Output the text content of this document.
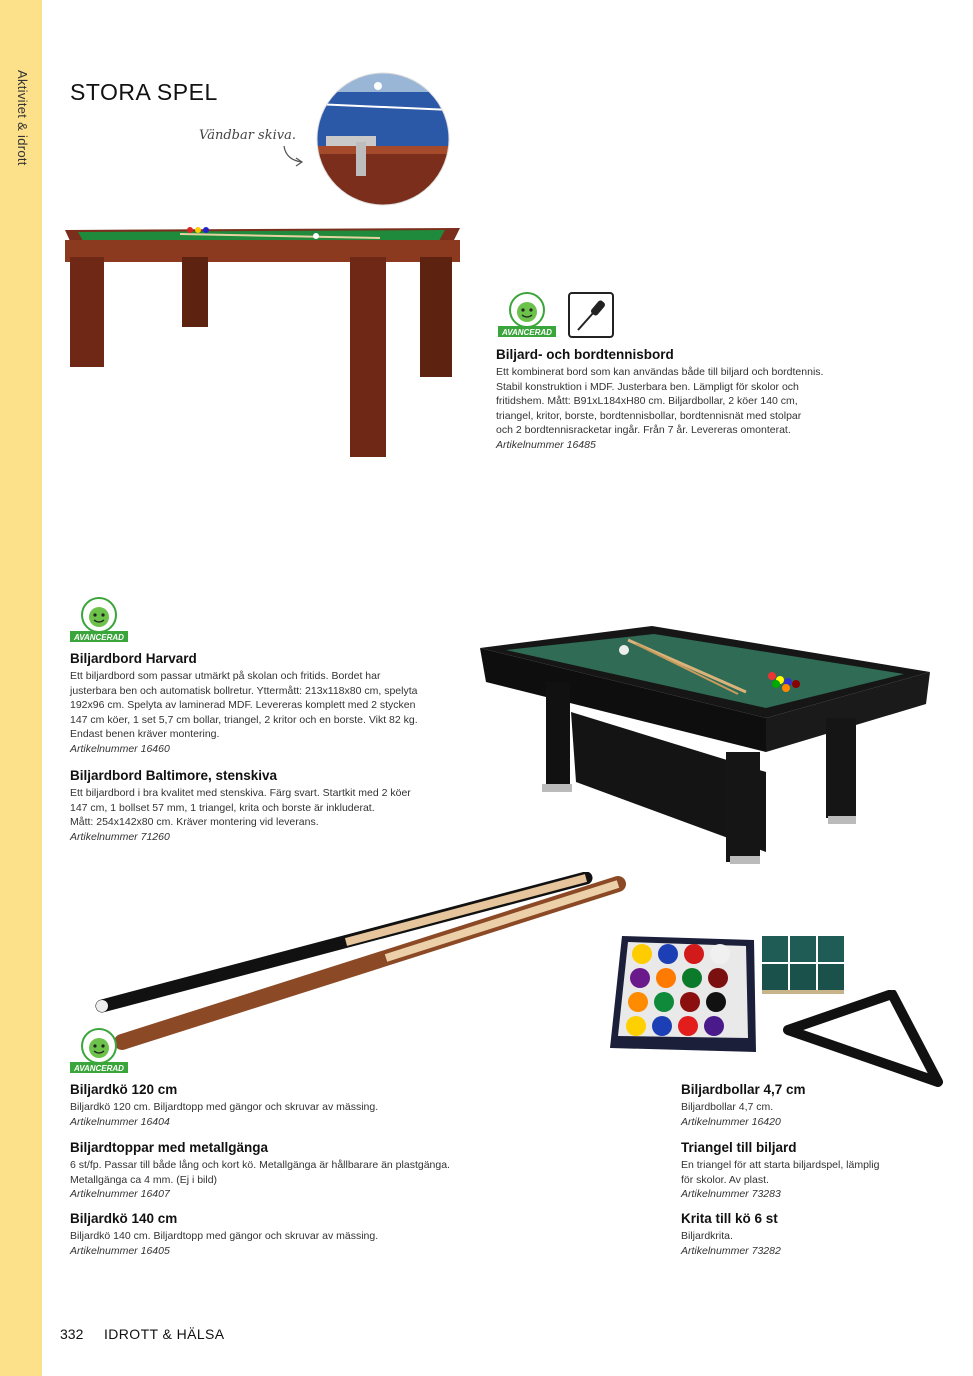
Aktivitet & idrott STORA SPEL
Vändbar skiva.
AVANCERAD
Biljard- och bordtennisbord

Ett kombinerat bord som kan användas både till biljard och bordtennis.

Stabil konstruktion i MDF. Justerbara ben. Lämpligt för skolor och

fritidshem. Mått: B91xL184xH80 cm. Biljardbollar, 2 köer 140 cm,

triangel, kritor, borste, bordtennisbollar, bordtennisnät med stolpar

och 2 bordtennisracketar ingår. Från 7 år. Levereras omonterat.

Artikelnummer 16485

AVANCERAD
Biljardbord Harvard

Ett biljardbord som passar utmärkt på skolan och fritids. Bordet har

justerbara ben och automatisk bollretur. Yttermått: 213x118x80 cm, spelyta

192x96 cm. Spelyta av laminerad MDF. Levereras komplett med 2 stycken

147 cm köer, 1 set 5,7 cm bollar, triangel, 2 kritor och en borste. Vikt 82 kg.

Endast benen kräver montering.

Artikelnummer 16460

Biljardbord Baltimore, stenskiva

Ett biljardbord i bra kvalitet med stenskiva. Färg svart. Startkit med 2 köer

147 cm, 1 bollset 57 mm, 1 triangel, krita och borste är inkluderat.

Mått: 254x142x80 cm. Kräver montering vid leverans.

Artikelnummer 71260

AVANCERAD
Biljardkö 120 cm

Biljardkö 120 cm. Biljardtopp med gängor och skruvar av mässing.

Artikelnummer 16404

Biljardtoppar med metallgänga

6 st/fp. Passar till både lång och kort kö. Metallgänga är hållbarare än plastgänga.

Metallgänga ca 4 mm. (Ej i bild)

Artikelnummer 16407

Biljardkö 140 cm

Biljardkö 140 cm. Biljardtopp med gängor och skruvar av mässing.

Artikelnummer 16405

Biljardbollar 4,7 cm

Biljardbollar 4,7 cm.

Artikelnummer 16420

Triangel till biljard

En triangel för att starta biljardspel, lämplig

för skolor. Av plast.

Artikelnummer 73283

Krita till kö 6 st

Biljardkrita.

Artikelnummer 73282

332 IDROTT & HÄLSA
